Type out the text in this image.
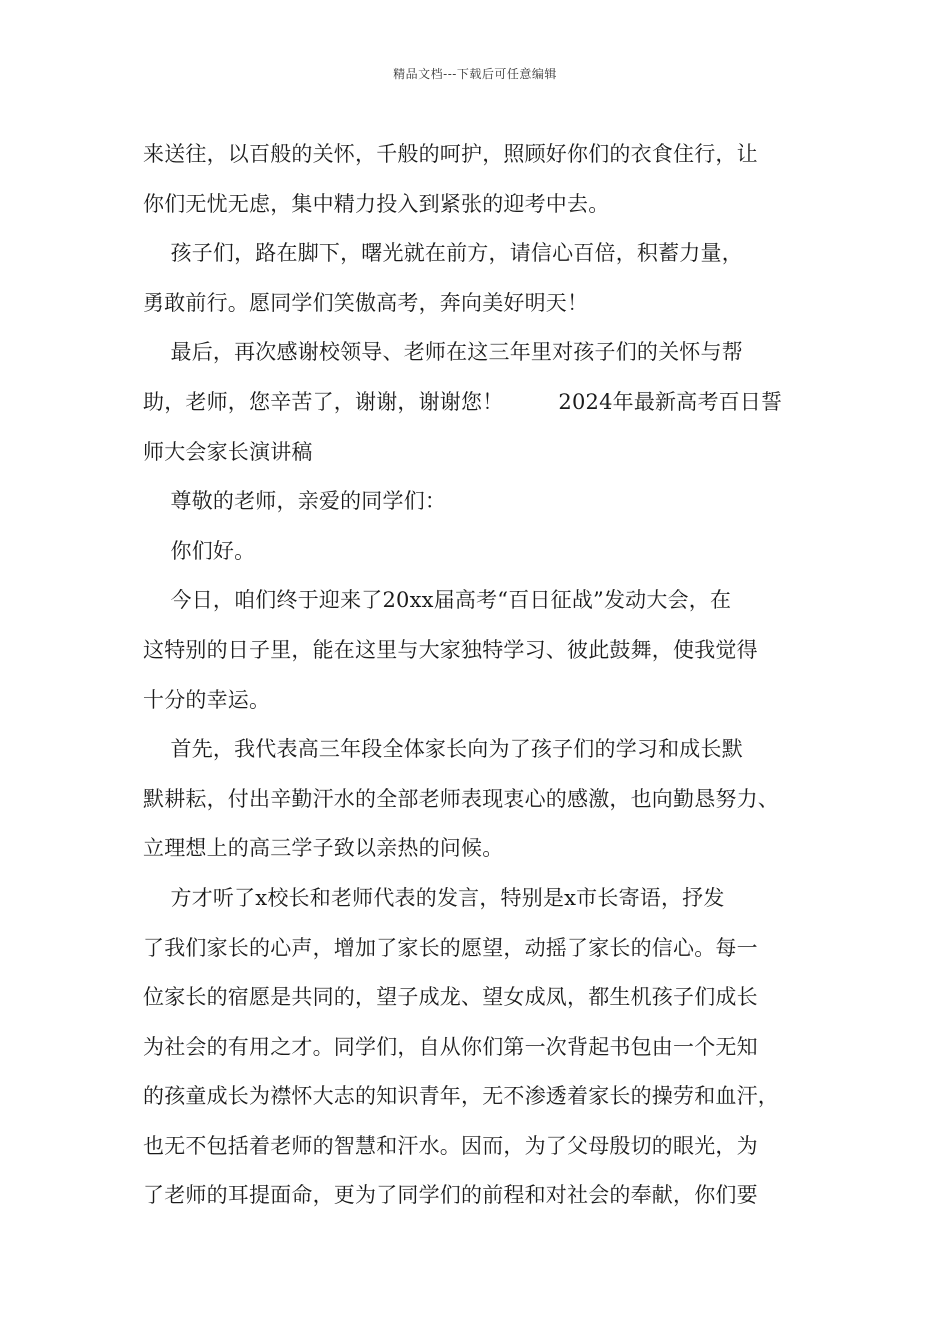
精品文档---下载后可任意编辑
来送往，以百般的关怀，千般的呵护，照顾好你们的衣食住行，让
你们无忧无虑，集中精力投入到紧张的迎考中去。
孩子们，路在脚下，曙光就在前方，请信心百倍，积蓄力量，
勇敢前行。愿同学们笑傲高考，奔向美好明天！
最后，再次感谢校领导、老师在这三年里对孩子们的关怀与帮
助，老师，您辛苦了，谢谢，谢谢您！        2024年最新高考百日誓
师大会家长演讲稿
尊敬的老师，亲爱的同学们：
你们好。
今日，咱们终于迎来了20xx届高考“百日征战”发动大会，在
这特别的日子里，能在这里与大家独特学习、彼此鼓舞，使我觉得
十分的幸运。
首先，我代表高三年段全体家长向为了孩子们的学习和成长默
默耕耘，付出辛勤汗水的全部老师表现衷心的感激，也向勤恳努力、
立理想上的高三学子致以亲热的问候。
方才听了x校长和老师代表的发言，特别是x市长寄语，抒发
了我们家长的心声，增加了家长的愿望，动摇了家长的信心。每一
位家长的宿愿是共同的，望子成龙、望女成凤，都生机孩子们成长
为社会的有用之才。同学们，自从你们第一次背起书包由一个无知
的孩童成长为襟怀大志的知识青年，无不渗透着家长的操劳和血汗，
也无不包括着老师的智慧和汗水。因而，为了父母殷切的眼光，为
了老师的耳提面命，更为了同学们的前程和对社会的奉献，你们要
